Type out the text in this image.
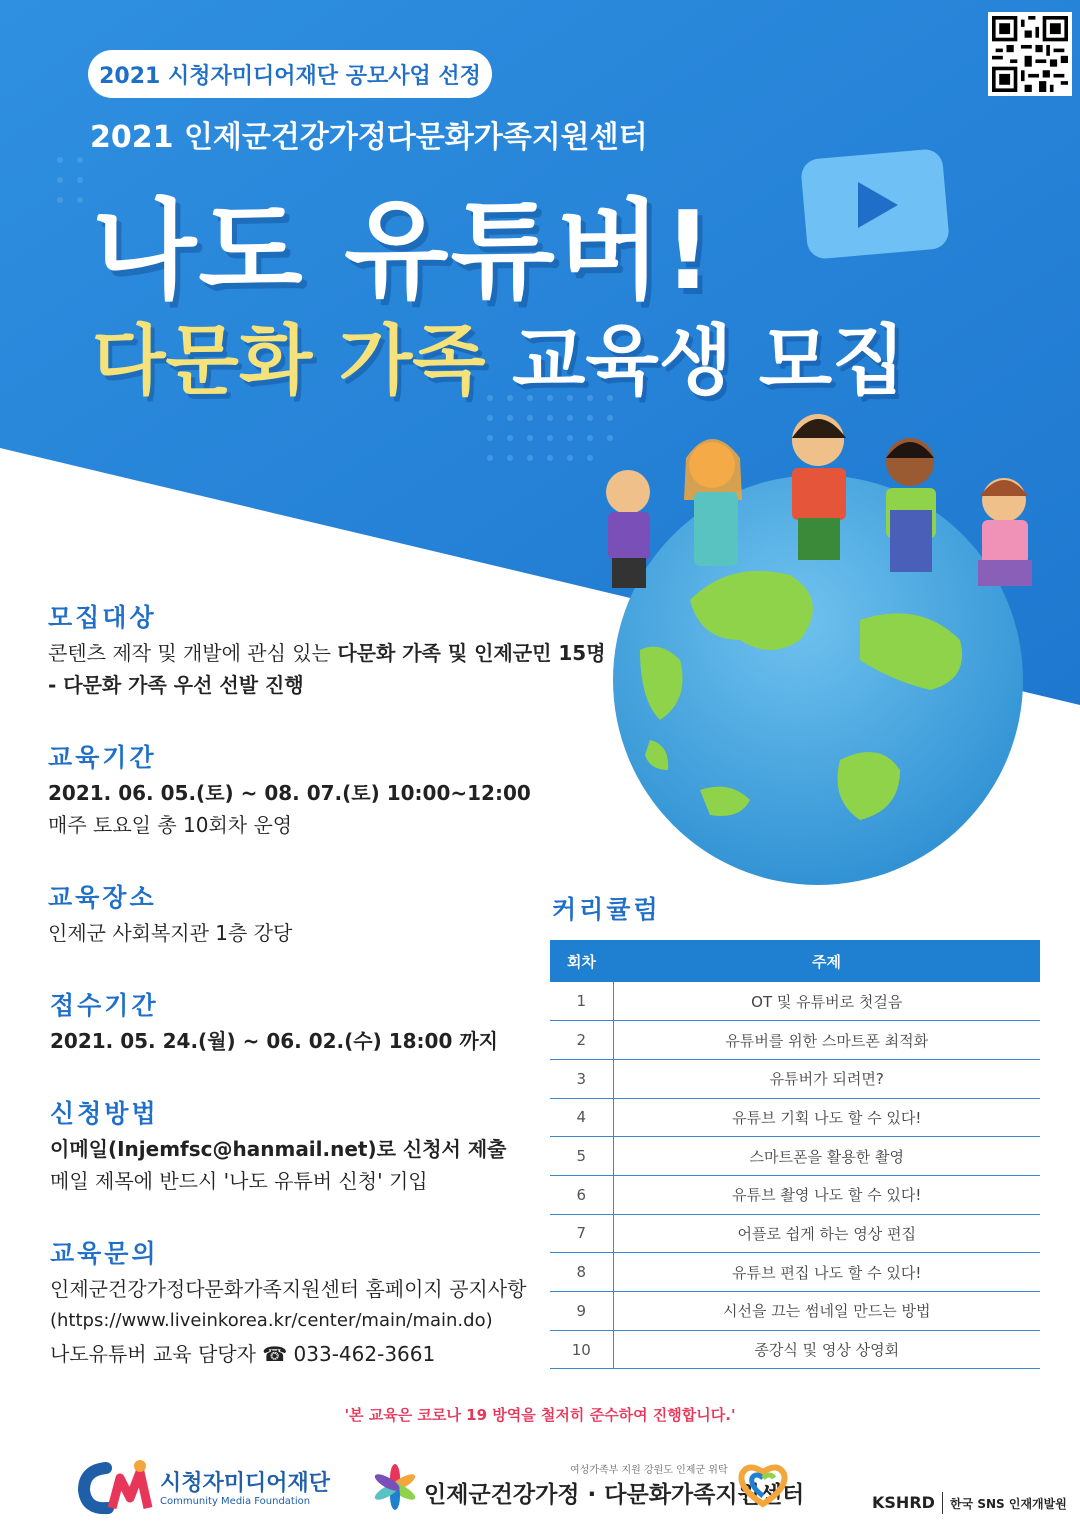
2021 시청자미디어재단 공모사업 선정
2021 인제군건강가정다문화가족지원센터
나도 유튜버!
다문화 가족 교육생 모집
모집대상
콘텐츠 제작 및 개발에 관심 있는 다문화 가족 및 인제군민 15명
- 다문화 가족 우선 선발 진행
교육기간
2021. 06. 05.(토) ~ 08. 07.(토) 10:00~12:00
매주 토요일 총 10회차 운영
교육장소
인제군 사회복지관 1층 강당
접수기간
2021. 05. 24.(월) ~ 06. 02.(수) 18:00 까지
신청방법
이메일(Injemfsc@hanmail.net)로 신청서 제출
메일 제목에 반드시 '나도 유튜버 신청' 기입
교육문의
인제군건강가정다문화가족지원센터 홈페이지 공지사항
(https://www.liveinkorea.kr/center/main/main.do)
나도유튜버 교육 담당자 ☎ 033-462-3661
커리큘럼
회차	주제
1	OT 및 유튜버로 첫걸음
2	유튜버를 위한 스마트폰 최적화
3	유튜버가 되려면?
4	유튜브 기획 나도 할 수 있다!
5	스마트폰을 활용한 촬영
6	유튜브 촬영 나도 할 수 있다!
7	어플로 쉽게 하는 영상 편집
8	유튜브 편집 나도 할 수 있다!
9	시선을 끄는 썸네일 만드는 방법
10	종강식 및 영상 상영회
'본 교육은 코로나 19 방역을 철저히 준수하여 진행합니다.'
시청자미디어재단
Community Media Foundation
여성가족부 지원 강원도 인제군 위탁
인제군건강가정 · 다문화가족지원센터	KSHRD 한국 SNS 인재개발원
